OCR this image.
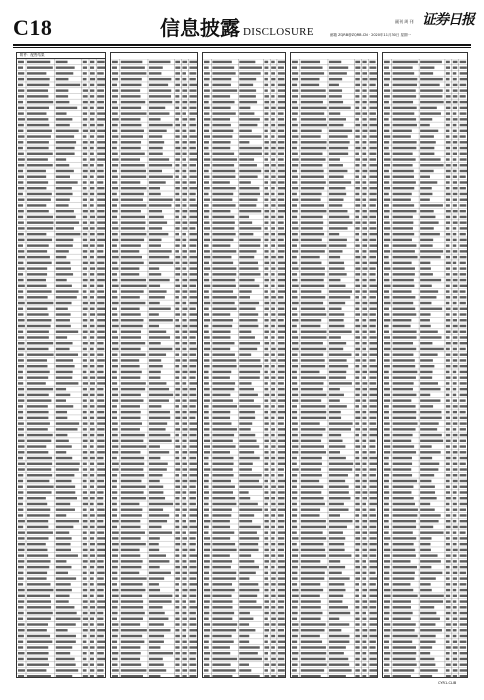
C18	信息披露 DISCLOSURE
副刊 周 刊 证券日报
邮箱 ZQRB@ZQRB.CN · 2020年11月30日 星期一
附件：配售结果
CYR1-CLIB
